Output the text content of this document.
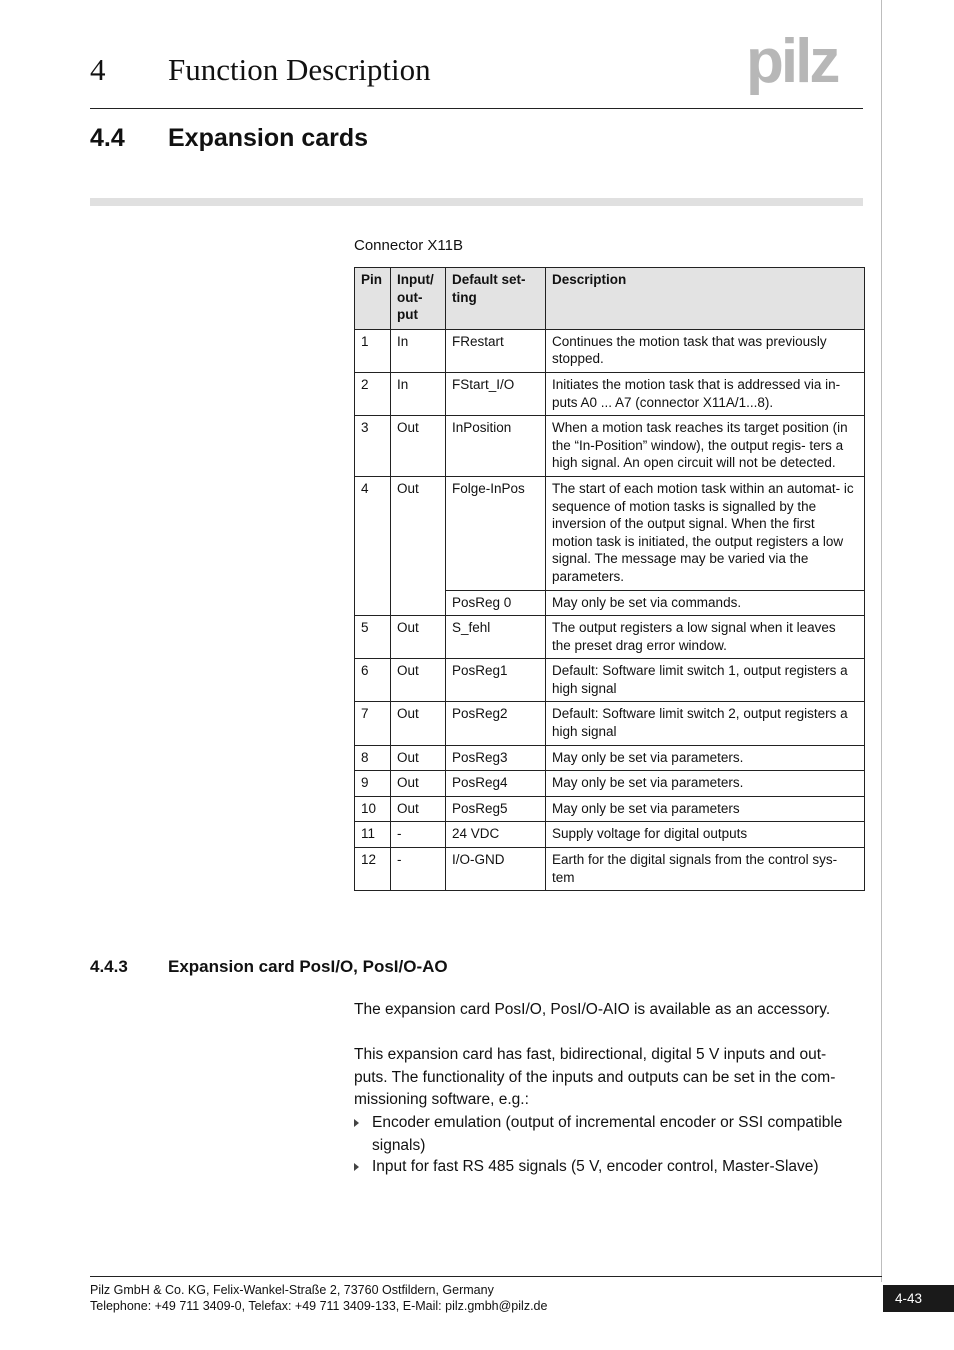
4 Function Description	pilz
4.4 Expansion cards
Connector X11B
Pin	Input/ out- put	Default set- ting	Description
1	In	FRestart	Continues the motion task that was previously stopped.
2	In	FStart_I/O	Initiates the motion task that is addressed via in- puts A0 ... A7 (connector X11A/1...8).
3	Out	InPosition	When a motion task reaches its target position (in the “In-Position” window), the output regis- ters a high signal. An open circuit will not be detected.
4	Out	Folge-InPos	The start of each motion task within an automat- ic sequence of motion tasks is signalled by the inversion of the output signal. When the first motion task is initiated, the output registers a low signal. The message may be varied via the parameters.
		PosReg 0	May only be set via commands.
5	Out	S_fehl	The output registers a low signal when it leaves the preset drag error window.
6	Out	PosReg1	Default: Software limit switch 1, output registers a high signal
7	Out	PosReg2	Default: Software limit switch 2, output registers a high signal
8	Out	PosReg3	May only be set via parameters.
9	Out	PosReg4	May only be set via parameters.
10	Out	PosReg5	May only be set via parameters
11	-	24 VDC	Supply voltage for digital outputs
12	-	I/O-GND	Earth for the digital signals from the control sys- tem
4.4.3 Expansion card PosI/O, PosI/O-AO
The expansion card PosI/O, PosI/O-AIO is available as an accessory.
This expansion card has fast, bidirectional, digital 5 V inputs and out-
puts. The functionality of the inputs and outputs can be set in the com-
missioning software, e.g.:
Encoder emulation (output of incremental encoder or SSI compatible
signals)
Input for fast RS 485 signals (5 V, encoder control, Master-Slave)
Pilz GmbH & Co. KG, Felix-Wankel-Straße 2, 73760 Ostfildern, Germany
Telephone: +49 711 3409-0, Telefax: +49 711 3409-133, E-Mail: pilz.gmbh@pilz.de	4-43
